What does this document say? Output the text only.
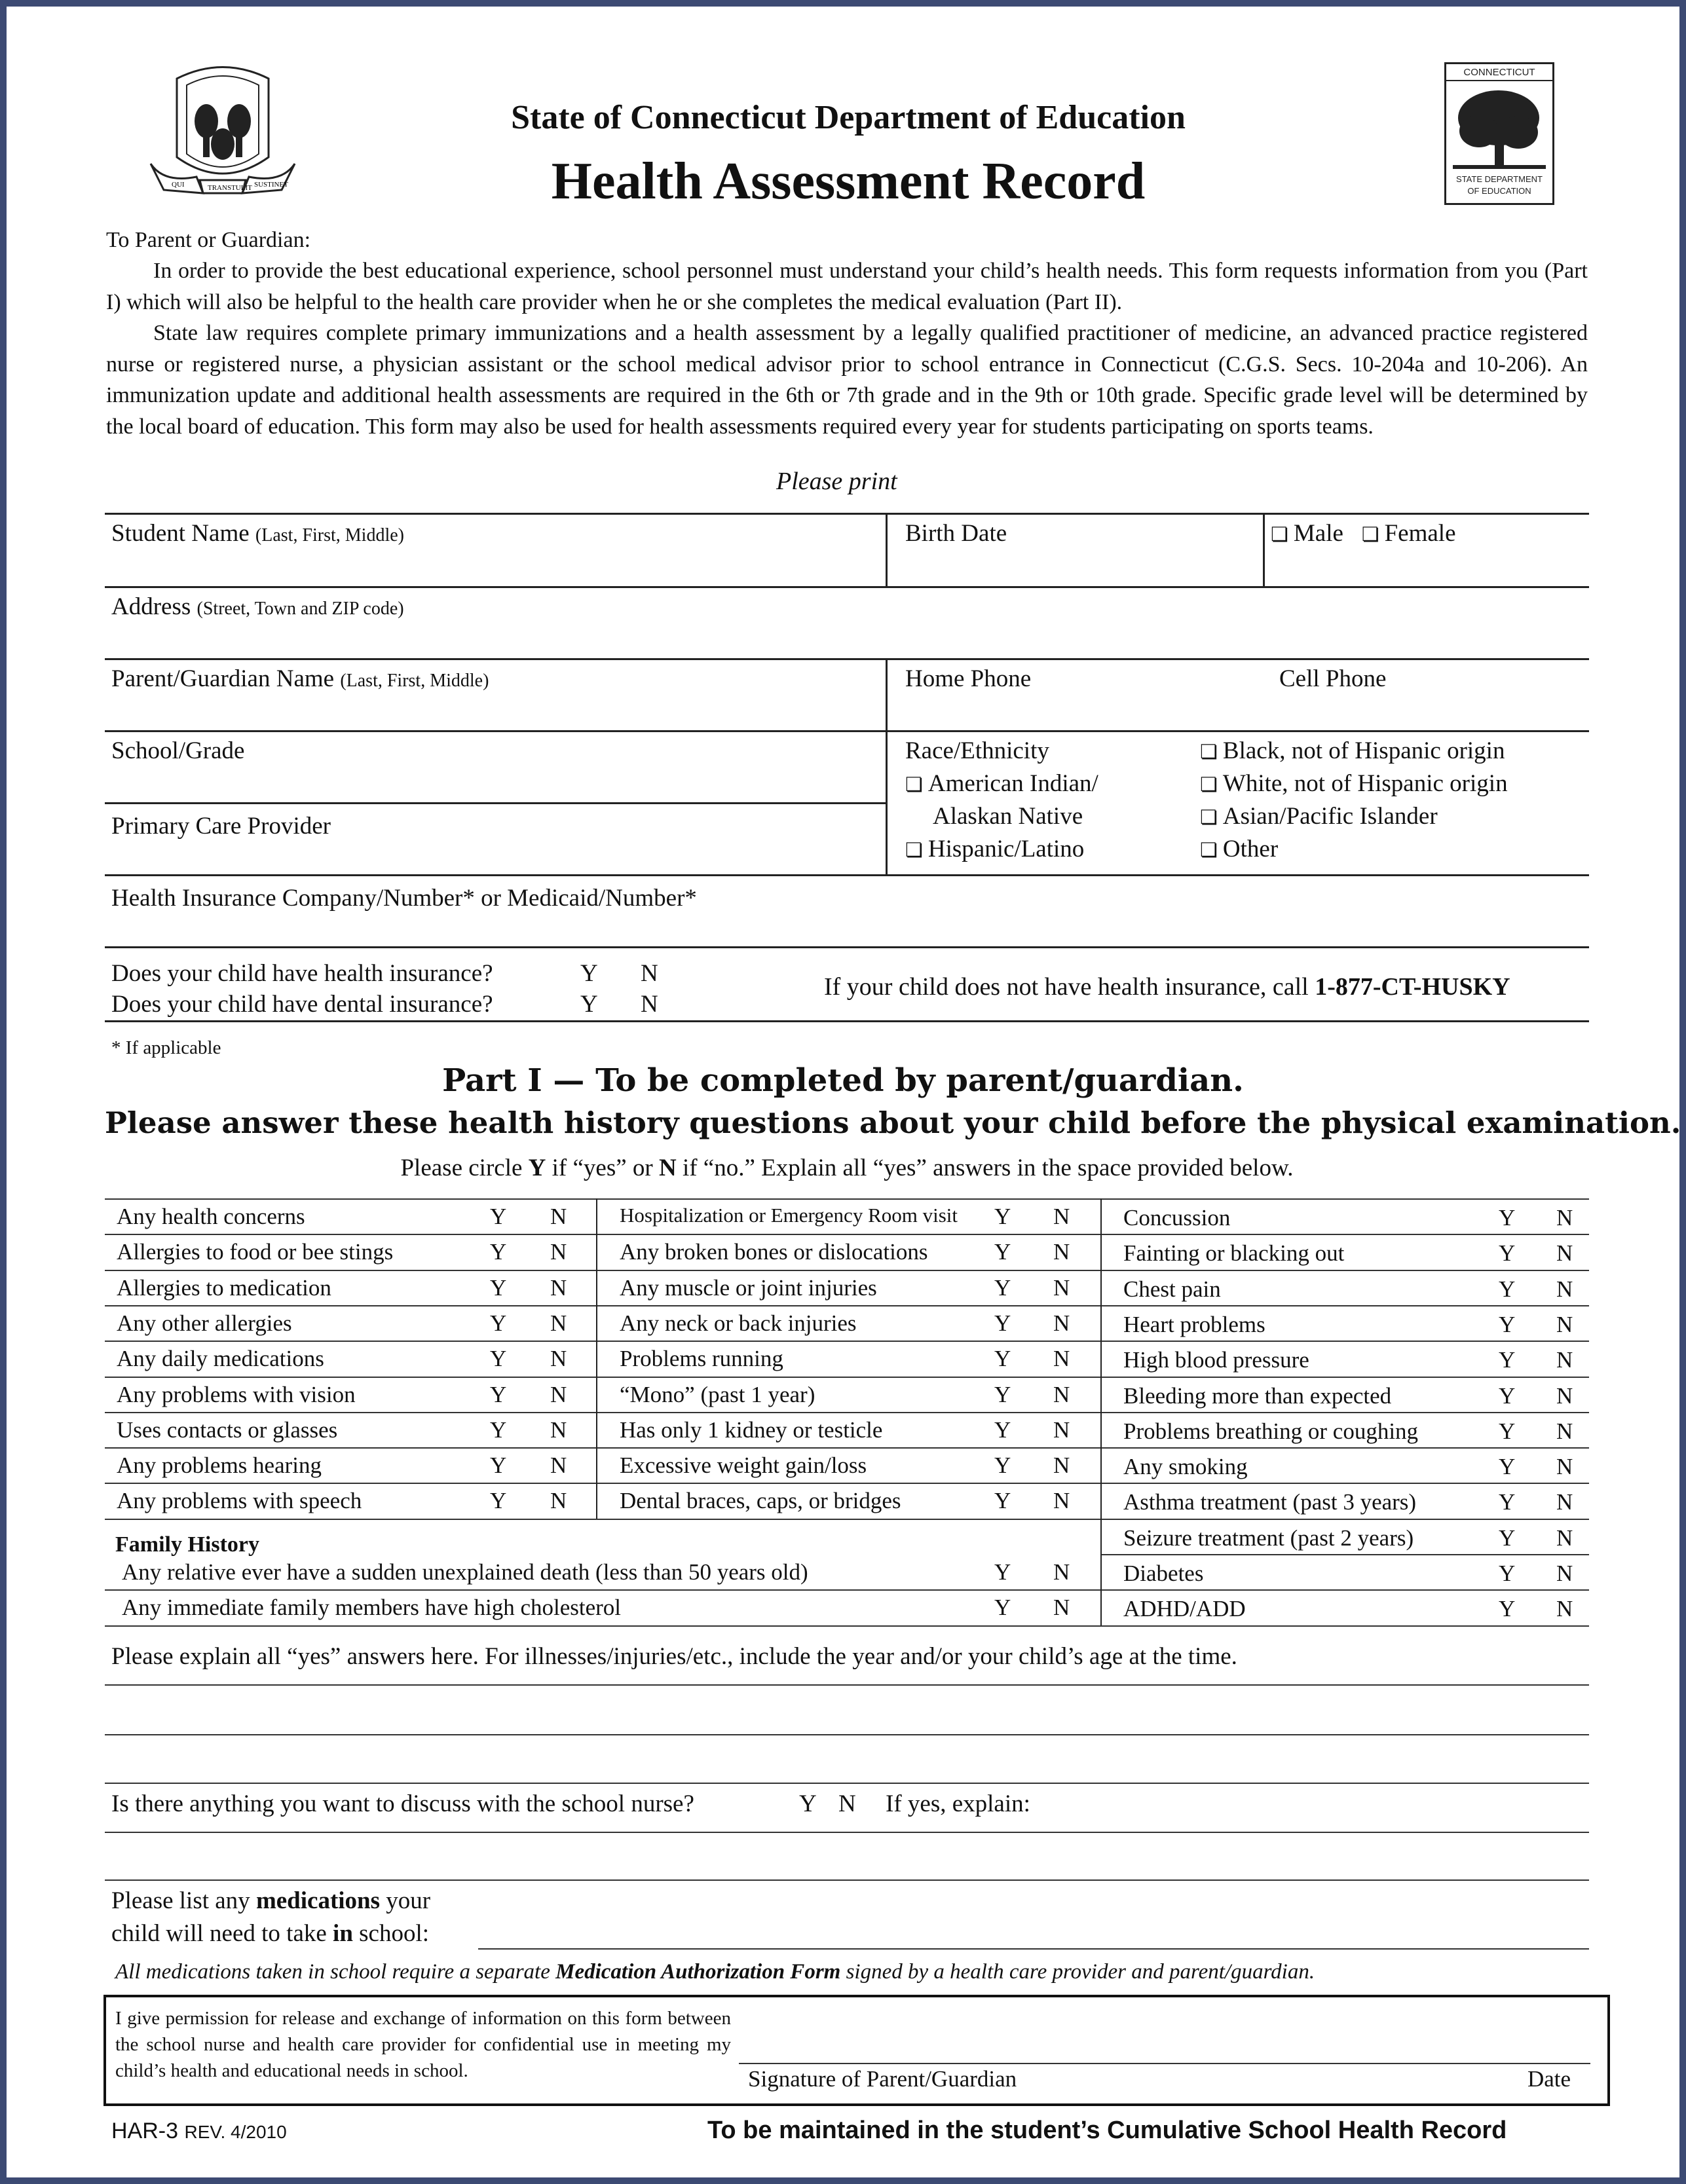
QUI	TRANSTULIT SUSTINET
CONNECTICUT
STATE DEPARTMENT
OF EDUCATION
State of Connecticut Department of Education
Health Assessment Record
To Parent or Guardian:
In order to provide the best educational experience, school personnel must understand your child’s health needs. This form requests information from you (Part I) which will also be helpful to the health care provider when he or she completes the medical evaluation (Part II).
State law requires complete primary immunizations and a health assessment by a legally qualified practitioner of medicine, an advanced practice registered nurse or registered nurse, a physician assistant or the school medical advisor prior to school entrance in Connecticut (C.G.S. Secs. 10-204a and 10-206). An immunization update and additional health assessments are required in the 6th or 7th grade and in the 9th or 10th grade. Specific grade level will be determined by the local board of education. This form may also be used for health assessments required every year for students participating on sports teams.
Please print
Student Name (Last, First, Middle)	Birth Date	❏ Male ❏ Female
Address (Street, Town and ZIP code)
Parent/Guardian Name (Last, First, Middle)	Home Phone	Cell Phone
School/Grade
Primary Care Provider
Race/Ethnicity
❏ American Indian/
Alaskan Native
❏ Hispanic/Latino
❏ Black, not of Hispanic origin
❏ White, not of Hispanic origin
❏ Asian/Pacific Islander
❏ Other
Health Insurance Company/Number* or Medicaid/Number*
Does your child have health insurance?	Y N
Does your child have dental insurance?	Y N
If your child does not have health insurance, call 1-877-CT-HUSKY
* If applicable
Part I — To be completed by parent/guardian.
Please answer these health history questions about your child before the physical examination.
Please circle Y if “yes” or N if “no.” Explain all “yes” answers in the space provided below.
Family History
Please explain all “yes” answers here. For illnesses/injuries/etc., include the year and/or your child’s age at the time.
Is there anything you want to discuss with the school nurse?	Y N If yes, explain:
Please list any medications your
child will need to take in school:
All medications taken in school require a separate Medication Authorization Form signed by a health care provider and parent/guardian.
I give permission for release and exchange of information on this form between the school nurse and health care provider for confidential use in meeting my child’s health and educational needs in school.	Signature of Parent/Guardian	Date
HAR-3 REV. 4/2010	To be maintained in the student’s Cumulative School Health Record
Any health concerns	Y N
Allergies to food or bee stings	Y N
Allergies to medication	Y N
Any other allergies	Y N
Any daily medications	Y N
Any problems with vision	Y N
Uses contacts or glasses	Y N
Any problems hearing	Y N
Any problems with speech	Y N
Hospitalization or Emergency Room visit Y N
Any broken bones or dislocations	Y N
Any muscle or joint injuries	Y N
Any neck or back injuries	Y N
Problems running	Y N
“Mono” (past 1 year)	Y N
Has only 1 kidney or testicle	Y N
Excessive weight gain/loss	Y N
Dental braces, caps, or bridges	Y N
Concussion	Y N
Fainting or blacking out	Y N
Chest pain	Y N
Heart problems	Y N
High blood pressure	Y N
Bleeding more than expected	Y N
Problems breathing or coughing	Y N
Any smoking	Y N
Asthma treatment (past 3 years)	Y N
Seizure treatment (past 2 years)	Y N
Diabetes	Y N
ADHD/ADD	Y N
Any relative ever have a sudden unexplained death (less than 50 years old)	Y N
Any immediate family members have high cholesterol	Y N
